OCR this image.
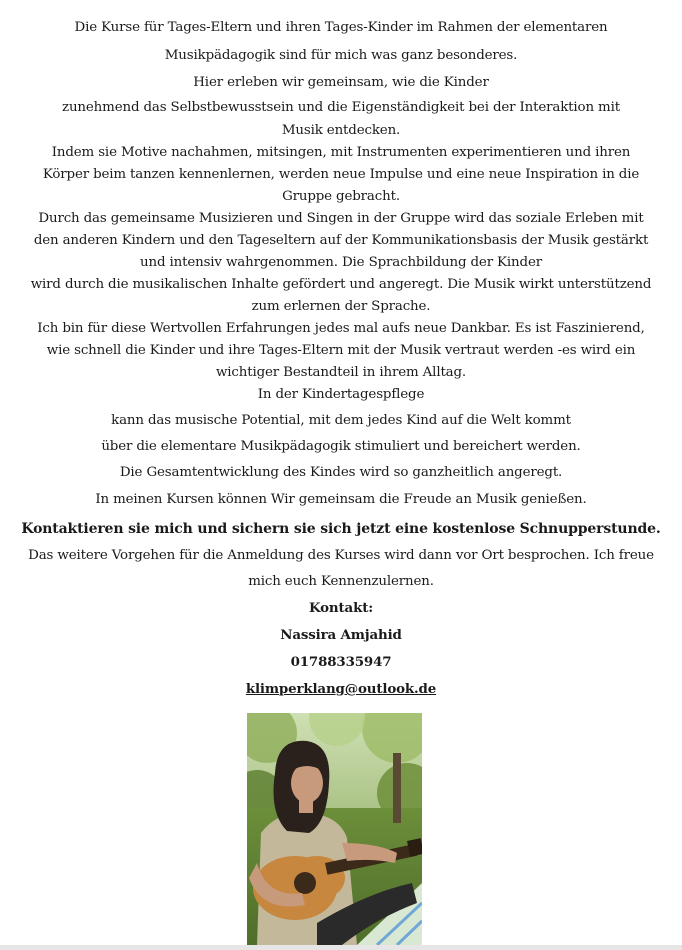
Die Kurse für Tages-Eltern und ihren Tages-Kinder im Rahmen der elementaren

Musikpädagogik sind für mich was ganz besonderes.

Hier erleben wir gemeinsam, wie die Kinder

zunehmend das Selbstbewusstsein und die Eigenständigkeit bei der Interaktion mit

Musik entdecken.

Indem sie Motive nachahmen, mitsingen, mit Instrumenten experimentieren und ihren

Körper beim tanzen kennenlernen, werden neue Impulse und eine neue Inspiration in die

Gruppe gebracht.

Durch das gemeinsame Musizieren und Singen in der Gruppe wird das soziale Erleben mit

den anderen Kindern und den Tageseltern auf der Kommunikationsbasis der Musik gestärkt

und intensiv wahrgenommen. Die Sprachbildung der Kinder

wird durch die musikalischen Inhalte gefördert und angeregt. Die Musik wirkt unterstützend

zum erlernen der Sprache.

Ich bin für diese Wertvollen Erfahrungen jedes mal aufs neue Dankbar. Es ist Faszinierend,

wie schnell die Kinder und ihre Tages-Eltern mit der Musik vertraut werden -es wird ein

wichtiger Bestandteil in ihrem Alltag.

In der Kindertagespflege

kann das musische Potential, mit dem jedes Kind auf die Welt kommt

über die elementare Musikpädagogik stimuliert und bereichert werden.

Die Gesamtentwicklung des Kindes wird so ganzheitlich angeregt.

In meinen Kursen können Wir gemeinsam die Freude an Musik genießen.

Kontaktieren sie mich und sichern sie sich jetzt eine kostenlose Schnupperstunde.

Das weitere Vorgehen für die Anmeldung des Kurses wird dann vor Ort besprochen. Ich freue

mich euch Kennenzulernen.

Kontakt:

Nassira Amjahid

01788335947

klimperklang@outlook.de
